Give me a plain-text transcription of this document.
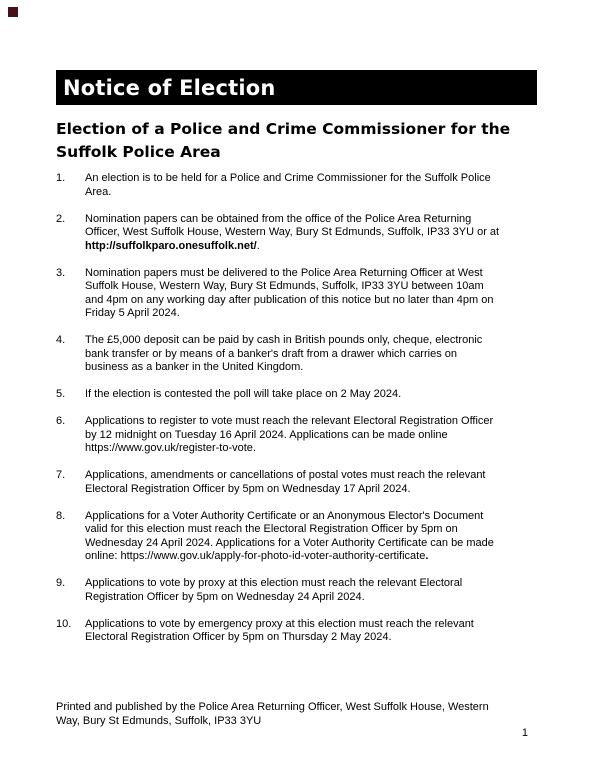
Notice of Election
Election of a Police and Crime Commissioner for the Suffolk Police Area
1.	An election is to be held for a Police and Crime Commissioner for the Suffolk Police Area.
2.	Nomination papers can be obtained from the office of the Police Area Returning Officer, West Suffolk House, Western Way, Bury St Edmunds, Suffolk, IP33 3YU or at http://suffolkparo.onesuffolk.net/.
3.	Nomination papers must be delivered to the Police Area Returning Officer at West Suffolk House, Western Way, Bury St Edmunds, Suffolk, IP33 3YU between 10am and 4pm on any working day after publication of this notice but no later than 4pm on Friday 5 April 2024.
4.	The £5,000 deposit can be paid by cash in British pounds only, cheque, electronic bank transfer or by means of a banker's draft from a drawer which carries on business as a banker in the United Kingdom.
5.	If the election is contested the poll will take place on 2 May 2024.
6.	Applications to register to vote must reach the relevant Electoral Registration Officer by 12 midnight on Tuesday 16 April 2024. Applications can be made online https://www.gov.uk/register-to-vote.
7.	Applications, amendments or cancellations of postal votes must reach the relevant Electoral Registration Officer by 5pm on Wednesday 17 April 2024.
8.	Applications for a Voter Authority Certificate or an Anonymous Elector's Document valid for this election must reach the Electoral Registration Officer by 5pm on Wednesday 24 April 2024. Applications for a Voter Authority Certificate can be made online: https://www.gov.uk/apply-for-photo-id-voter-authority-certificate.
9.	Applications to vote by proxy at this election must reach the relevant Electoral Registration Officer by 5pm on Wednesday 24 April 2024.
10.	Applications to vote by emergency proxy at this election must reach the relevant Electoral Registration Officer by 5pm on Thursday 2 May 2024.

Printed and published by the Police Area Returning Officer, West Suffolk House, Western Way, Bury St Edmunds, Suffolk, IP33 3YU

1
